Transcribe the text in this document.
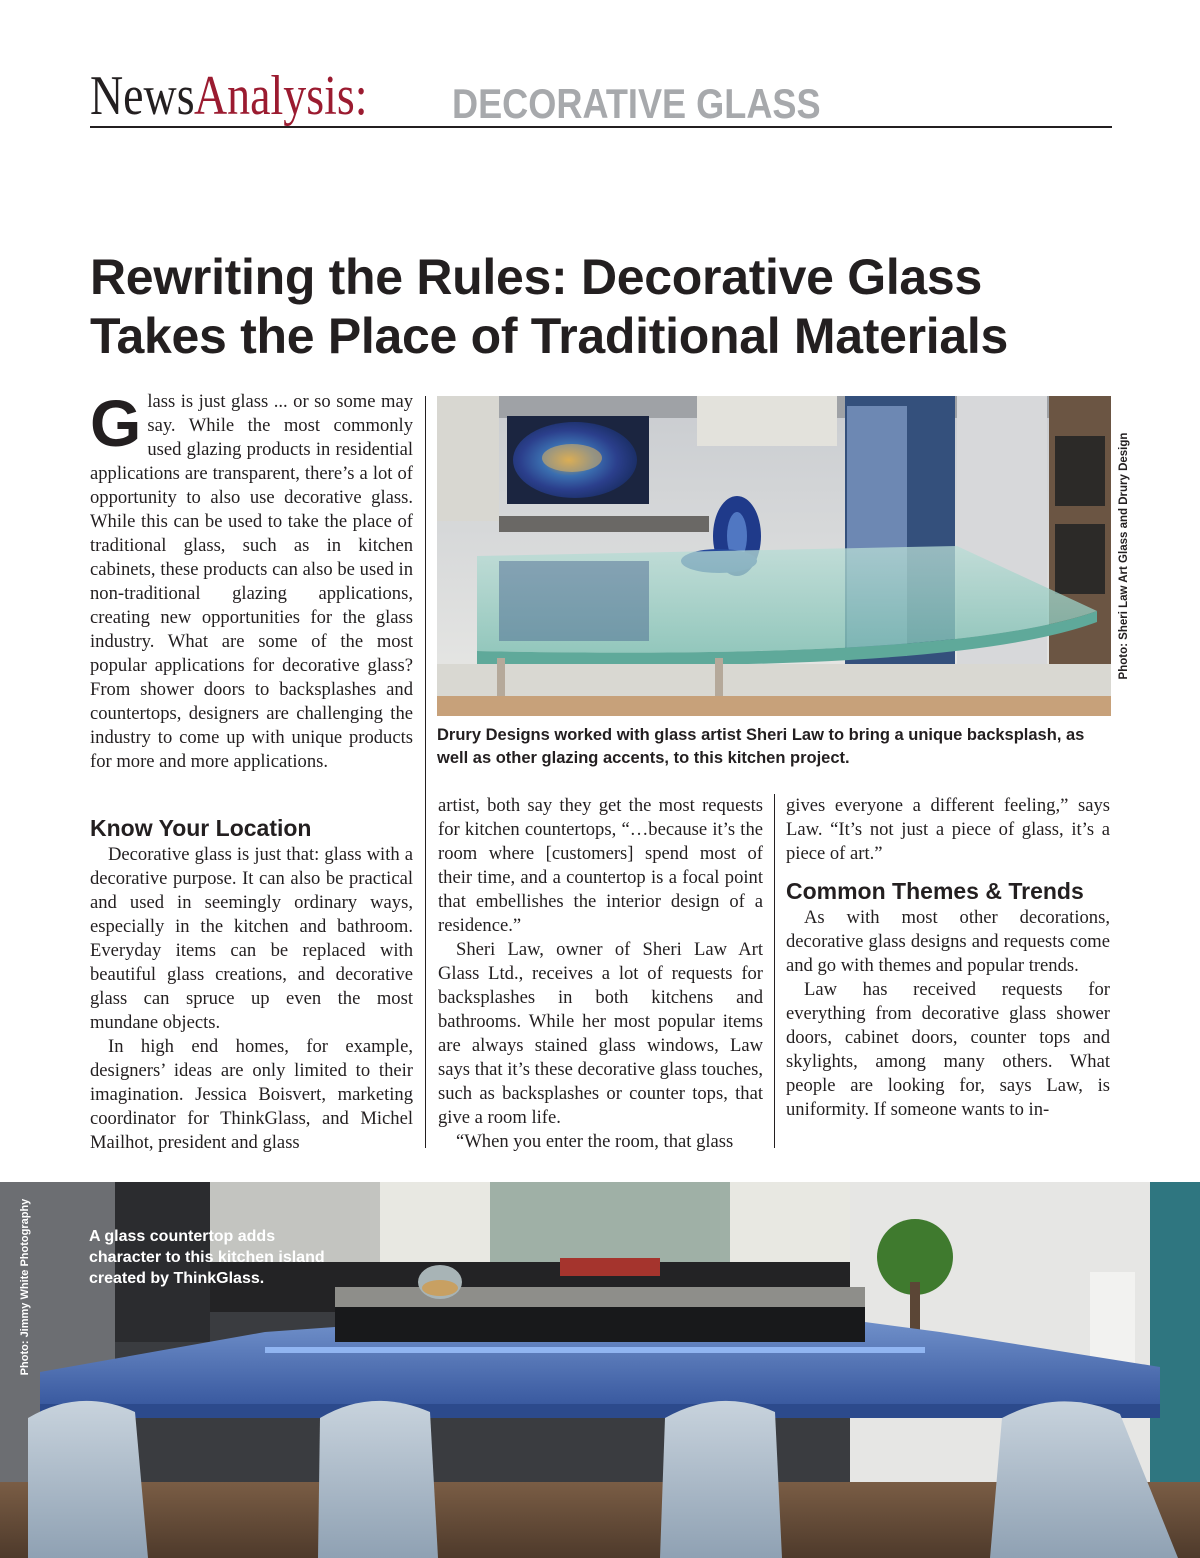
NewsAnalysis: DECORATIVE GLASS
Rewriting the Rules: Decorative Glass Takes the Place of Traditional Materials
G lass is just glass ... or so some may say. While the most commonly used glazing products in residential applications are transparent, there’s a lot of opportunity to also use decorative glass. While this can be used to take the place of traditional glass, such as in kitchen cabinets, these products can also be used in non-traditional glazing applications, creating new opportunities for the glass industry. What are some of the most popular applications for decorative glass? From shower doors to backsplashes and countertops, designers are challenging the industry to come up with unique products for more and more applications.

Photo: Sheri Law Art Glass and Drury Design

Drury Designs worked with glass artist Sheri Law to bring a unique backsplash, as well as other glazing accents, to this kitchen project.

Know Your Location

Decorative glass is just that: glass with a decorative purpose. It can also be practical and used in seemingly ordinary ways, especially in the kitchen and bathroom. Everyday items can be replaced with beautiful glass creations, and decorative glass can spruce up even the most mundane objects.

In high end homes, for example, designers’ ideas are only limited to their imagination. Jessica Boisvert, marketing coordinator for ThinkGlass, and Michel Mailhot, president and glass

artist, both say they get the most requests for kitchen countertops, “…because it’s the room where [customers] spend most of their time, and a countertop is a focal point that embellishes the interior design of a residence.”

Sheri Law, owner of Sheri Law Art Glass Ltd., receives a lot of requests for backsplashes in both kitchens and bathrooms. While her most popular items are always stained glass windows, Law says that it’s these decorative glass touches, such as backsplashes or counter tops, that give a room life.

“When you enter the room, that glass

gives everyone a different feeling,” says Law. “It’s not just a piece of glass, it’s a piece of art.”

Common Themes & Trends

As with most other decorations, decorative glass designs and requests come and go with themes and popular trends.

Law has received requests for everything from decorative glass shower doors, cabinet doors, counter tops and skylights, among many others. What people are looking for, says Law, is uniformity. If someone wants to in-

A glass countertop adds character to this kitchen island created by ThinkGlass.

Photo: Jimmy White Photography
